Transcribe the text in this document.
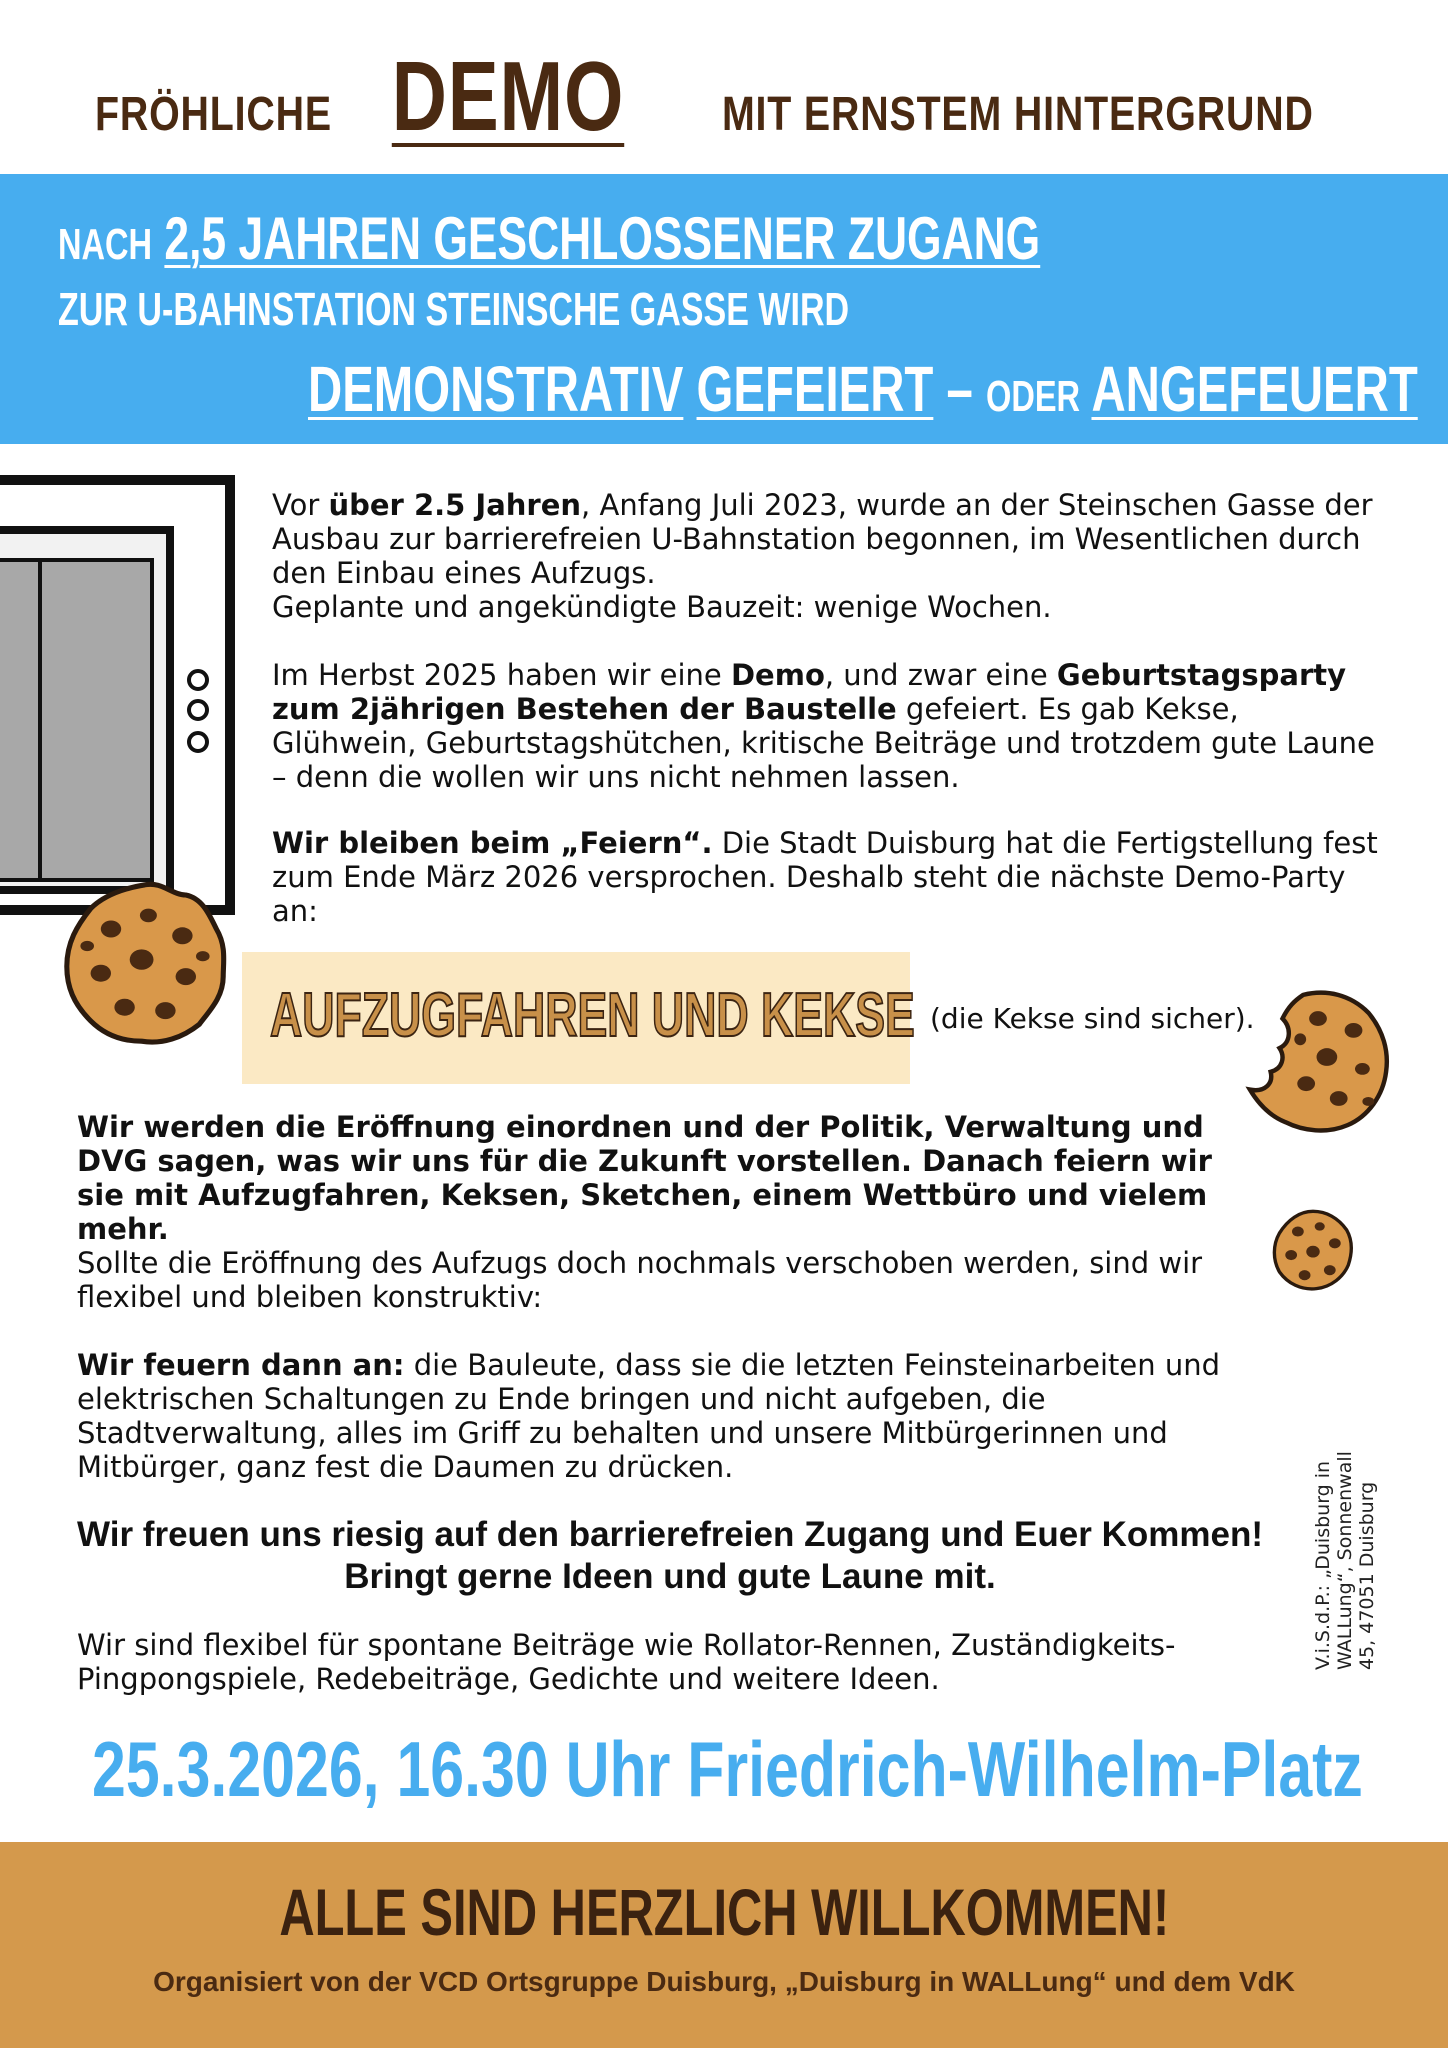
FRÖHLICHE DEMO MIT ERNSTEM HINTERGRUND
NACH 2,5 JAHREN GESCHLOSSENER ZUGANG
ZUR U-BAHNSTATION STEINSCHE GASSE WIRD
DEMONSTRATIV GEFEIERT – ODER ANGEFEUERT
Vor über 2.5 Jahren, Anfang Juli 2023, wurde an der Steinschen Gasse der Ausbau zur barrierefreien U-Bahnstation begonnen, im Wesentlichen durch den Einbau eines Aufzugs.
Geplante und angekündigte Bauzeit: wenige Wochen.
Im Herbst 2025 haben wir eine Demo, und zwar eine Geburtstagsparty zum 2jährigen Bestehen der Baustelle gefeiert. Es gab Kekse, Glühwein, Geburtstagshütchen, kritische Beiträge und trotzdem gute Laune – denn die wollen wir uns nicht nehmen lassen.
Wir bleiben beim „Feiern“. Die Stadt Duisburg hat die Fertigstellung fest zum Ende März 2026 versprochen. Deshalb steht die nächste Demo-Party an:
AUFZUGFAHREN UND KEKSE (die Kekse sind sicher).
Wir werden die Eröffnung einordnen und der Politik, Verwaltung und DVG sagen, was wir uns für die Zukunft vorstellen. Danach feiern wir sie mit Aufzugfahren, Keksen, Sketchen, einem Wettbüro und vielem mehr.
Sollte die Eröffnung des Aufzugs doch nochmals verschoben werden, sind wir flexibel und bleiben konstruktiv:
Wir feuern dann an: die Bauleute, dass sie die letzten Feinsteinarbeiten und elektrischen Schaltungen zu Ende bringen und nicht aufgeben, die Stadtverwaltung, alles im Griff zu behalten und unsere Mitbürgerinnen und Mitbürger, ganz fest die Daumen zu drücken.
Wir freuen uns riesig auf den barrierefreien Zugang und Euer Kommen! Bringt gerne Ideen und gute Laune mit.
Wir sind flexibel für spontane Beiträge wie Rollator-Rennen, Zuständigkeits-Pingpongspiele, Redebeiträge, Gedichte und weitere Ideen.
V.i.S.d.P.: „Duisburg in WALLung“, Sonnenwall 45, 47051 Duisburg
25.3.2026, 16.30 Uhr Friedrich-Wilhelm-Platz
ALLE SIND HERZLICH WILLKOMMEN!
Organisiert von der VCD Ortsgruppe Duisburg, „Duisburg in WALLung“ und dem VdK
